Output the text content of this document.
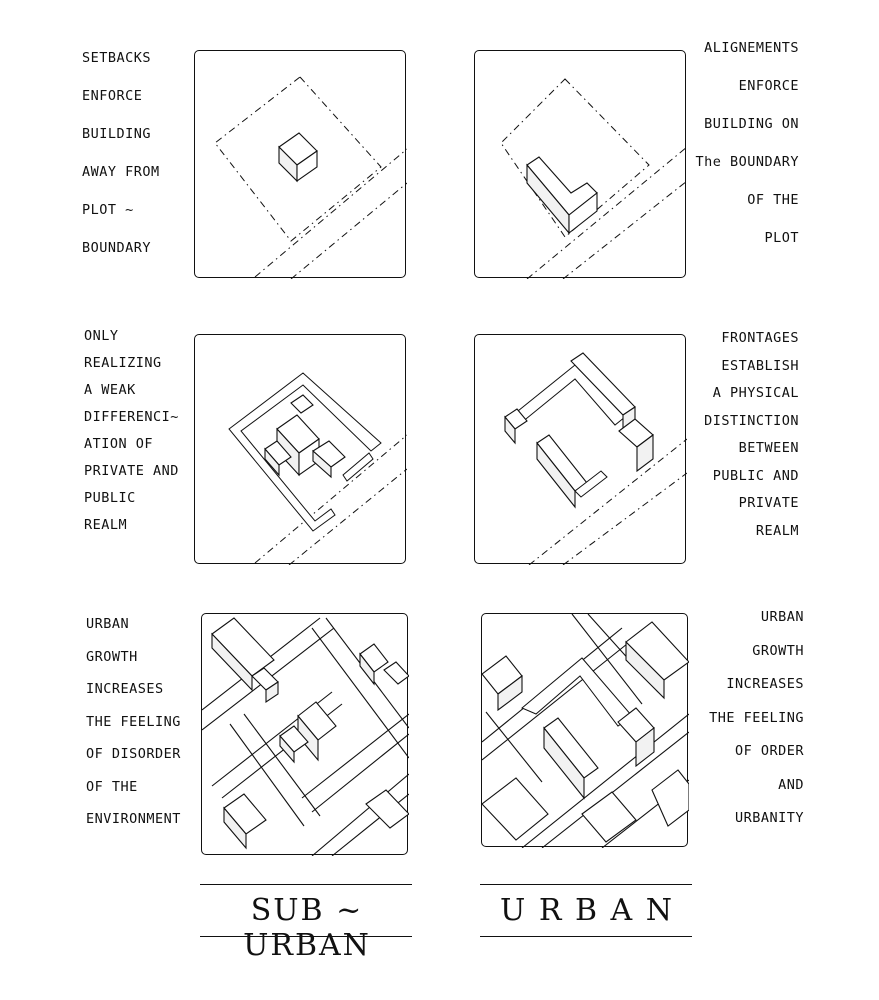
SETBACKS
ENFORCE
BUILDING
AWAY FROM
PLOT ~
BOUNDARY
ALIGNEMENTS
ENFORCE
BUILDING ON
The BOUNDARY
OF THE
PLOT
ONLY
REALIZING
A WEAK
DIFFERENCI~
ATION OF
PRIVATE AND
PUBLIC
REALM
FRONTAGES
ESTABLISH
A PHYSICAL
DISTINCTION
BETWEEN
PUBLIC AND
PRIVATE
REALM
URBAN
GROWTH
INCREASES
THE FEELING
OF DISORDER
OF THE
ENVIRONMENT
URBAN
GROWTH
INCREASES
THE FEELING
OF ORDER
AND
URBANITY
SUB ~ URBAN
U R B A N
